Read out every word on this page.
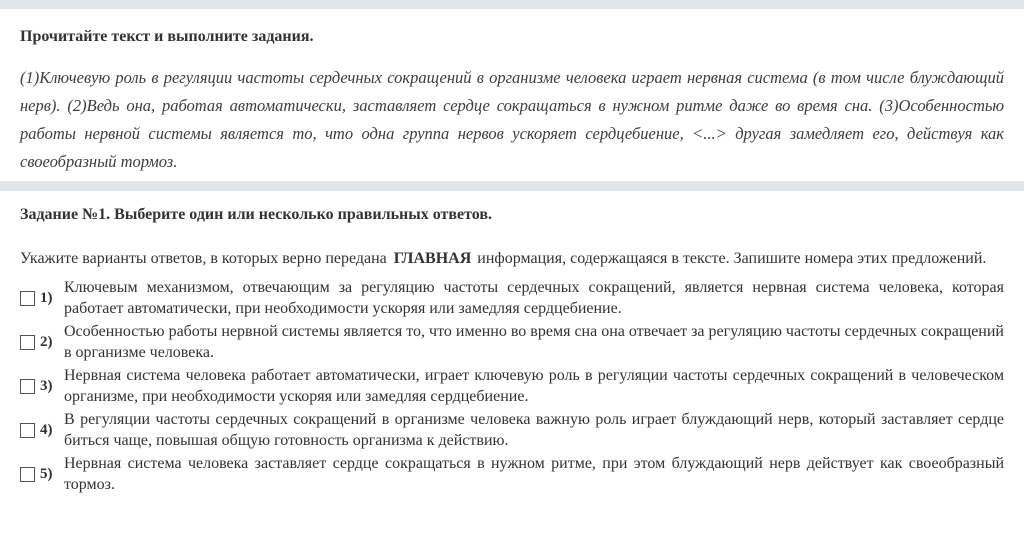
Прочитайте текст и выполните задания.

(1)Ключевую роль в регуляции частоты сердечных сокращений в организме человека играет нервная система (в том числе блуждающий нерв). (2)Ведь она, работая автоматически, заставляет сердце сокращаться в нужном ритме даже во время сна. (3)Особенностью работы нервной системы является то, что одна группа нервов ускоряет сердцебиение, <...> другая замедляет его, действуя как своеобразный тормоз.

Задание №1. Выберите один или несколько правильных ответов.

Укажите варианты ответов, в которых верно передана ГЛАВНАЯ информация, содержащаяся в тексте. Запишите номера этих предложений.

1)
Ключевым механизмом, отвечающим за регуляцию частоты сердечных сокращений, является нервная система человека, которая работает автоматически, при необходимости ускоряя или замедляя сердцебиение.
2)
Особенностью работы нервной системы является то, что именно во время сна она отвечает за регуляцию частоты сердечных сокращений в организме человека.
3)
Нервная система человека работает автоматически, играет ключевую роль в регуляции частоты сердечных сокращений в человеческом организме, при необходимости ускоряя или замедляя сердцебиение.
4)
В регуляции частоты сердечных сокращений в организме человека важную роль играет блуждающий нерв, который заставляет сердце биться чаще, повышая общую готовность организма к действию.
5)
Нервная система человека заставляет сердце сокращаться в нужном ритме, при этом блуждающий нерв действует как своеобразный тормоз.
